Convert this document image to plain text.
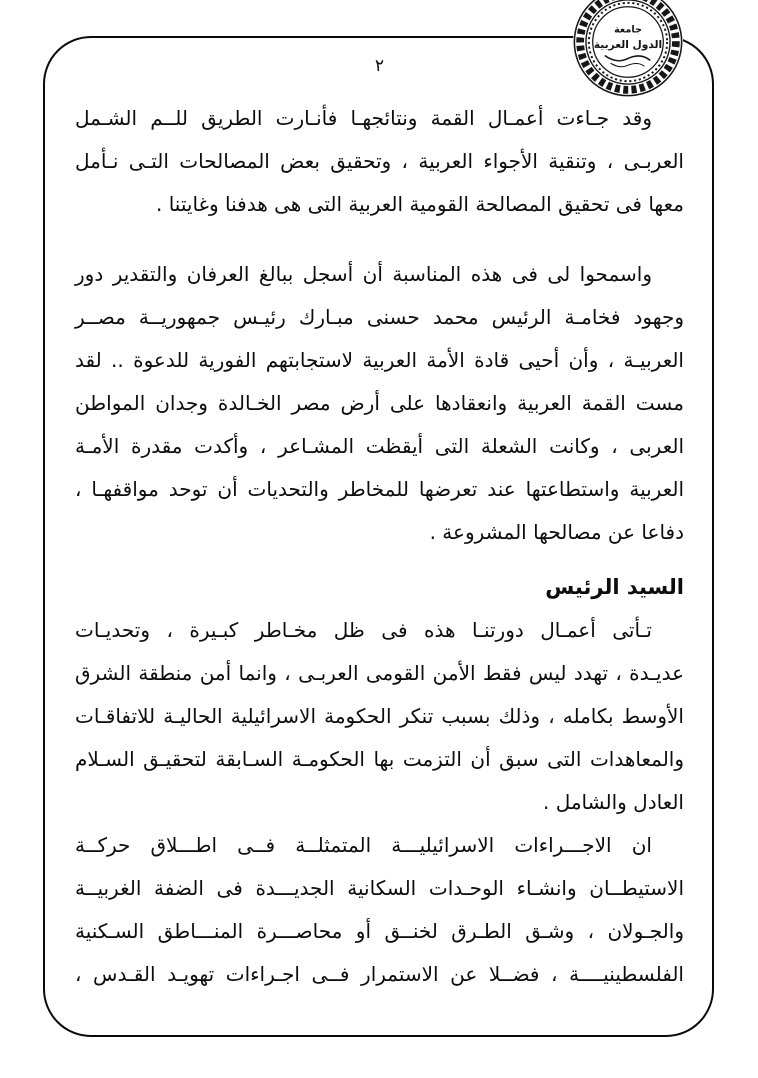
جامعة
الدول العربية
٢
وقد جـاءت أعمـال القمة ونتائجهـا فأنـارت الطريق للــم الشـمل
العربـى ، وتنقية الأجواء العربية ، وتحقيق بعض المصالحات التـى نـأمل
معها فى تحقيق المصالحة القومية العربية التى هى هدفنا وغايتنا .
واسمحوا لى فى هذه المناسبة أن أسجل ببالغ العرفان والتقدير دور
وجهود فخامـة الرئيس محمد حسنى مبـارك رئيـس جمهوريــة مصــر
العربيـة ، وأن أحيى قادة الأمة العربية لاستجابتهم الفورية للدعوة .. لقد
مست القمة العربية وانعقادها على أرض مصر الخـالدة وجدان المواطن
العربى ، وكانت الشعلة التى أيقظت المشـاعر ، وأكدت مقدرة الأمـة
العربية واستطاعتها عند تعرضها للمخاطر والتحديات أن توحد مواقفهـا ،
دفاعا عن مصالحها المشروعة .
السيد الرئيس
تـأتى أعمـال دورتنـا هذه فى ظل مخـاطر كبـيرة ، وتحديـات
عديـدة ، تهدد ليس فقط الأمن القومى العربـى ، وانما أمن منطقة الشرق
الأوسط بكامله ، وذلك بسبب تنكر الحكومة الاسرائيلية الحاليـة للاتفاقـات
والمعاهدات التى سبق أن التزمت بها الحكومـة السـابقة لتحقيـق السـلام
العادل والشامل .
ان الاجـــراءات الاسرائيليـــة المتمثلــة فــى اطـــلاق حركــة
الاستيطــان وانشـاء الوحـدات السكانية الجديـــدة فى الضفة الغربيــة
والجـولان ، وشـق الطـرق لخنــق أو محاصـــرة المنـــاطق السـكنية
الفلسطينيــــة ، فضــلا عن الاستمرار فــى اجـراءات تهويـد القـدس ،
